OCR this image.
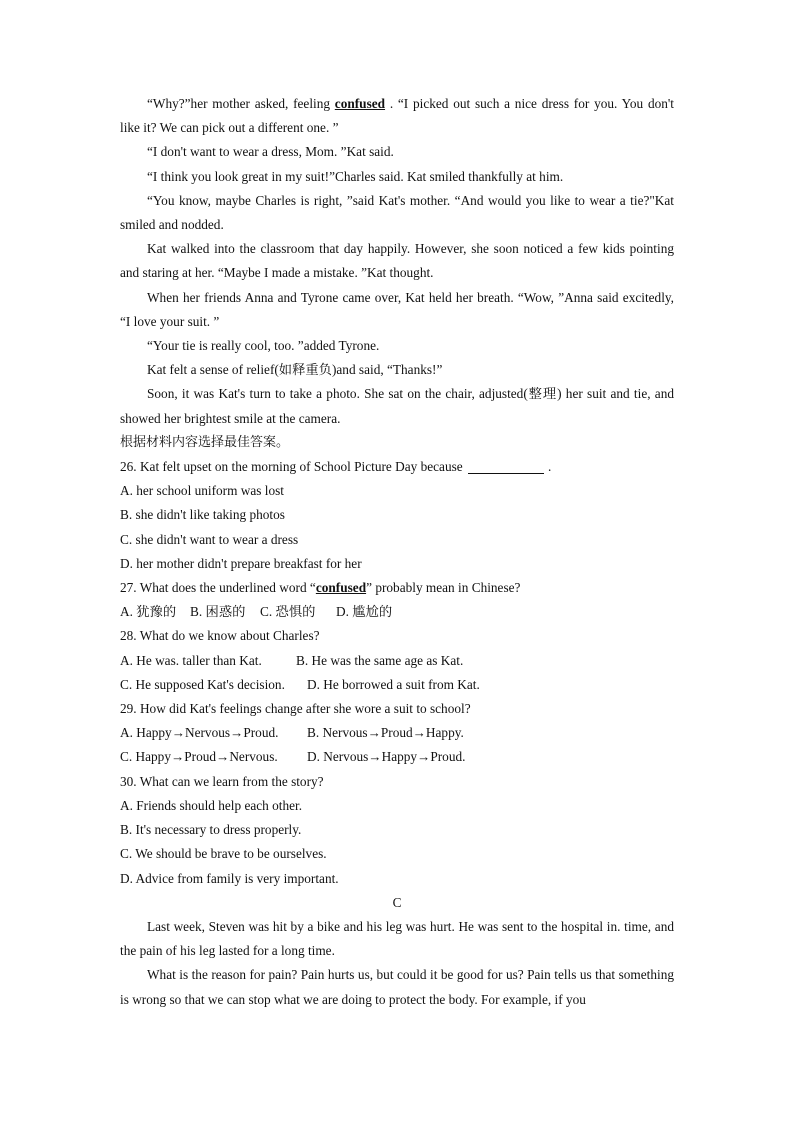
“Why?”her mother asked, feeling confused . “I picked out such a nice dress for you. You don't like it? We can pick out a different one. ”

“I don't want to wear a dress, Mom. ”Kat said.

“I think you look great in my suit!”Charles said. Kat smiled thankfully at him.

“You know, maybe Charles is right, ”said Kat's mother. “And would you like to wear a tie?"Kat smiled and nodded.

Kat walked into the classroom that day happily. However, she soon noticed a few kids pointing and staring at her. “Maybe I made a mistake. ”Kat thought.

When her friends Anna and Tyrone came over, Kat held her breath. “Wow, ”Anna said excitedly, “I love your suit. ”

“Your tie is really cool, too. ”added Tyrone.

Kat felt a sense of relief(如释重负)and said, “Thanks!”

Soon, it was Kat's turn to take a photo. She sat on the chair, adjusted(整理) her suit and tie, and showed her brightest smile at the camera.

根据材料内容选择最佳答案。

26. Kat felt upset on the morning of School Picture Day because	.

A. her school uniform was lost

B. she didn't like taking photos

C. she didn't want to wear a dress

D. her mother didn't prepare breakfast for her

27. What does the underlined word “confused” probably mean in Chinese?

A. 犹豫的 B. 困惑的 C. 恐惧的 D. 尴尬的

28. What do we know about Charles?

A. He was. taller than Kat.	B. He was the same age as Kat.

C. He supposed Kat's decision. D. He borrowed a suit from Kat.

29. How did Kat's feelings change after she wore a suit to school?

A. Happy→Nervous→Proud. B. Nervous→Proud→Happy.

C. Happy→Proud→Nervous. D. Nervous→Happy→Proud.

30. What can we learn from the story?

A. Friends should help each other.

B. It's necessary to dress properly.

C. We should be brave to be ourselves.

D. Advice from family is very important.

C

Last week, Steven was hit by a bike and his leg was hurt. He was sent to the hospital in. time, and the pain of his leg lasted for a long time.

What is the reason for pain? Pain hurts us, but could it be good for us? Pain tells us that something is wrong so that we can stop what we are doing to protect the body. For example, if you
